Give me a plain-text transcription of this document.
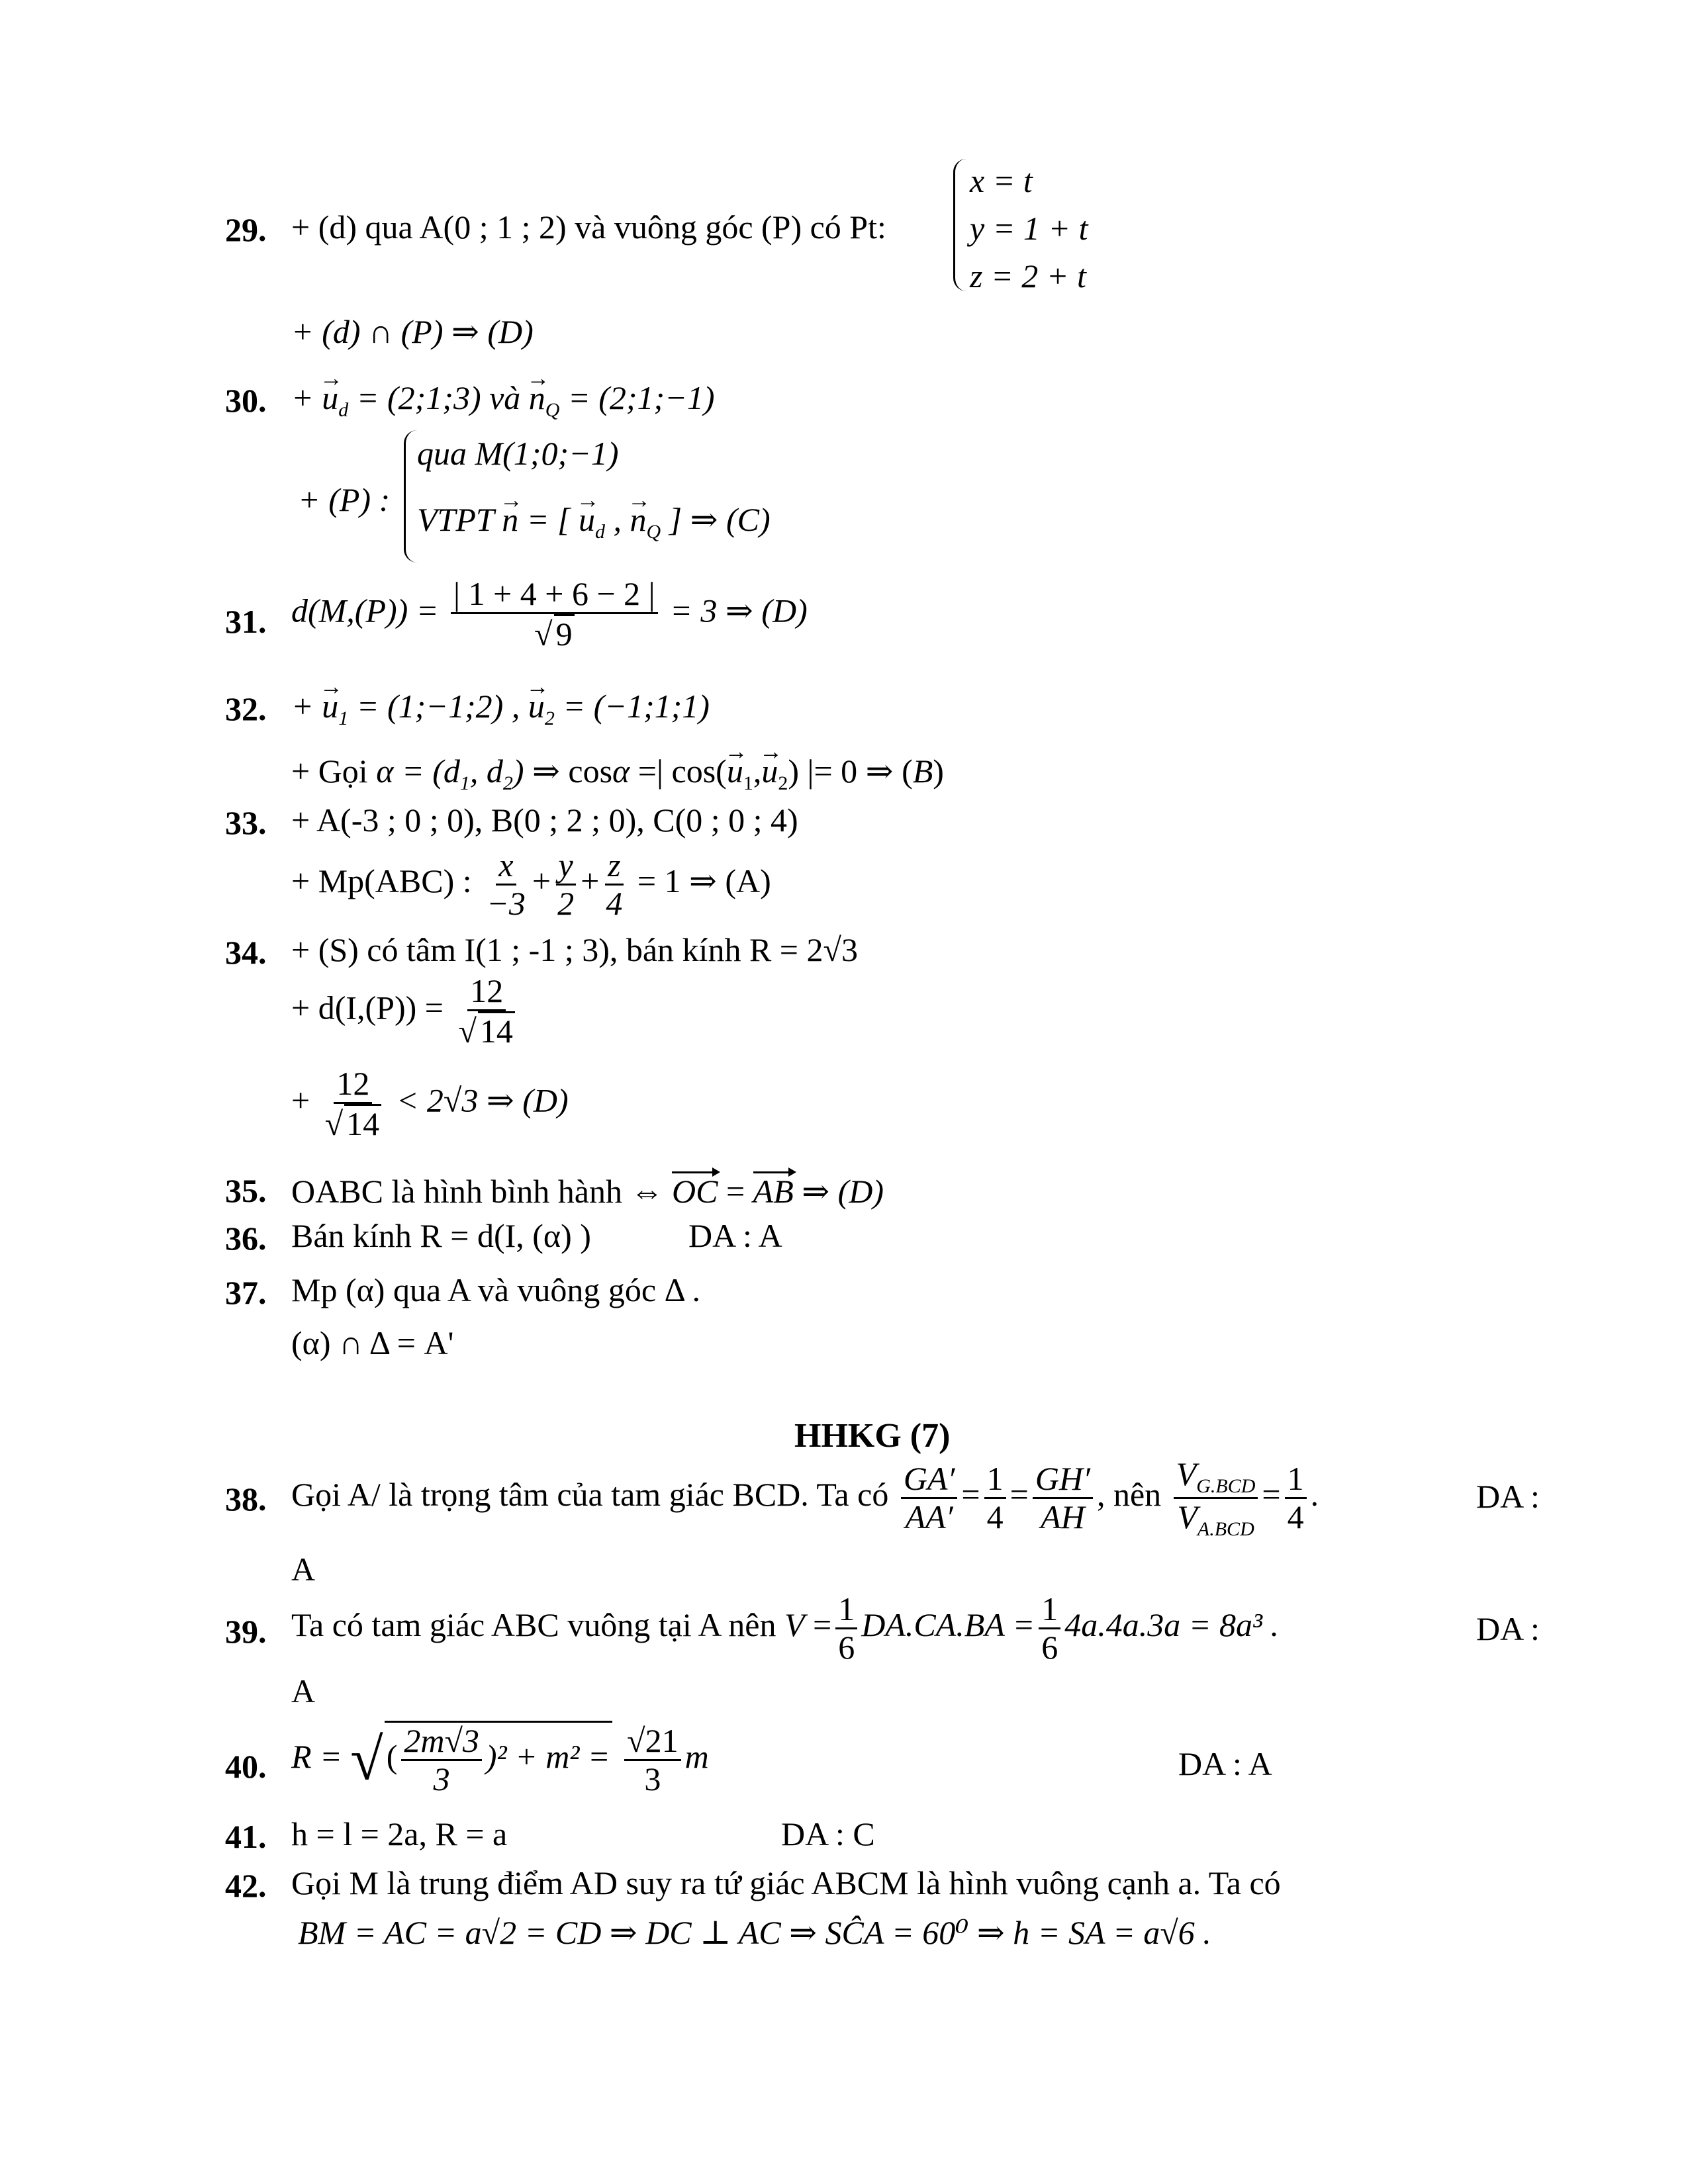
29. + (d) qua A(0 ; 1 ; 2) và vuông góc (P) có Pt:
x = t
y = 1 + t
z = 2 + t
+ (d) ∩ (P) ⇒ (D)
30. + → $u_d$ = (2;1;3) và → $n_Q$ = (2;1;−1)
+ (P) :
qua M(1;0;−1)
VTPT → n = [ → $u_d$ , → $n_Q$ ] ⇒ (C)
31. $d(M,(P)) = \frac{| 1 + 4 + 6 - 2 |}{√ 9} = 3$ ⇒ (D)
32. + → $u_1$ = (1;−1;2) , → $u_2$ = (−1;1;1)
+ Gọi $\alpha = (d_1$, $d_2$) ⇒ cosα =| $\cos(\to u_1,\to u_2)$ |= 0 ⇒ (B)
33. + A(-3 ; 0 ; 0), B(0 ; 2 ; 0), C(0 ; 0 ; 4)
+ Mp(ABC) : $\frac{x}{-3} + \frac{y}{2} + \frac{z}{4} = 1$ ⇒ (A)
34. + (S) có tâm I(1 ; -1 ; 3), bán kính R = 2√3
+ $d(I,(P)) = \frac{12}{√ 14}$
+ $\frac{12}{√ 14} < 2√3$ ⇒ (D)
35. OABC là hình bình hành ⇔ OC = AB ⇒ (D)
36. Bán kính R = d(I, (α) )	DA : A
37. Mp (α) qua A và vuông góc Δ .
(α) ∩ Δ = A'
HHKG (7)
38. Gọi A/ là trọng tâm của tam giác BCD. Ta có $\frac{GA'}{AA'} = \frac{1}{4} = \frac{GH'}{AH}$ , nên $\frac{V_{G.BCD}}{V_{A.BCD}} = \frac{1}{4}$ .	DA :
A
39. Ta có tam giác ABC vuông tại A nên $V = \frac{1}{6} DA.CA.BA = \frac{1}{6} 4a.4a.3a = 8a^3$ .	DA :
A
40. R = √ ( $\frac{2m√3}{3} )^2 + m^2 = \frac{√21}{3}$ m	DA : A
41. h = l = 2a, R = a	DA : C
42. Gọi M là trung điểm AD suy ra tứ giác ABCM là hình vuông cạnh a. Ta có
BM = AC = a√2 = CD ⇒ DC ⊥ AC ⇒ SĈA = 60⁰ ⇒ h = SA = a√6 .
